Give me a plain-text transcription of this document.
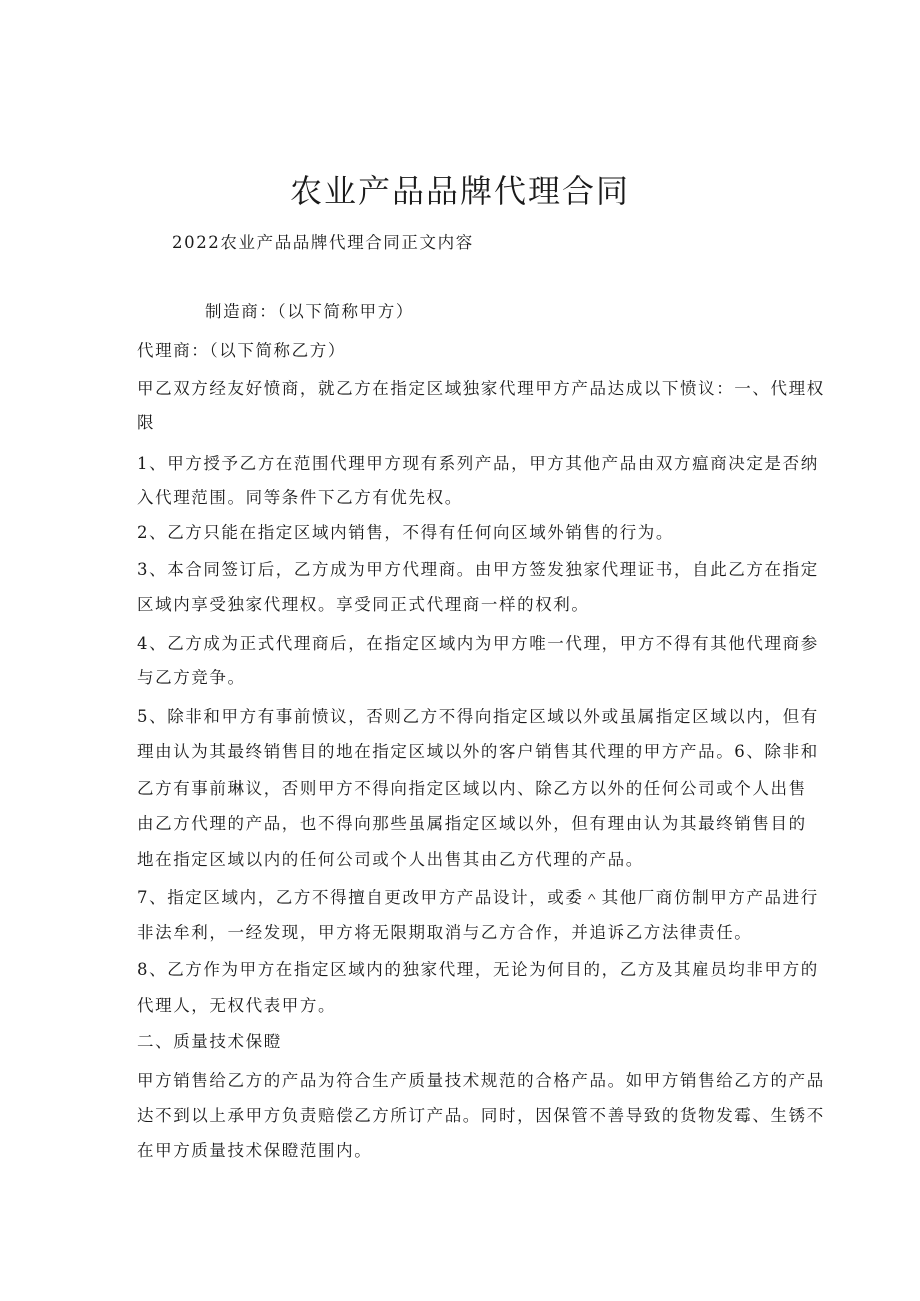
农业产品品牌代理合同
2022农业产品品牌代理合同正文内容
制造商：（以下简称甲方）
代理商：（以下简称乙方）
甲乙双方经友好愤商，就乙方在指定区域独家代理甲方产品达成以下愤议：一、代理权
限
1、甲方授予乙方在范围代理甲方现有系列产品，甲方其他产品由双方瘟商决定是否纳
入代理范围。同等条件下乙方有优先权。
2、乙方只能在指定区域内销售，不得有任何向区域外销售的行为。
3、本合同签订后，乙方成为甲方代理商。由甲方签发独家代理证书，自此乙方在指定
区域内享受独家代理权。享受同正式代理商一样的权利。
4、乙方成为正式代理商后，在指定区域内为甲方唯一代理，甲方不得有其他代理商参
与乙方竞争。
5、除非和甲方有事前愤议，否则乙方不得向指定区域以外或虽属指定区域以内，但有
理由认为其最终销售目的地在指定区域以外的客户销售其代理的甲方产品。6、除非和
乙方有事前琳议，否则甲方不得向指定区域以内、除乙方以外的任何公司或个人出售
由乙方代理的产品，也不得向那些虽属指定区域以外，但有理由认为其最终销售目的
地在指定区域以内的任何公司或个人出售其由乙方代理的产品。
7、指定区域内，乙方不得擅自更改甲方产品设计，或委＾其他厂商仿制甲方产品进行
非法牟利，一经发现，甲方将无限期取消与乙方合作，并追诉乙方法律责任。
8、乙方作为甲方在指定区域内的独家代理，无论为何目的，乙方及其雇员均非甲方的
代理人，无权代表甲方。
二、质量技术保瞪
甲方销售给乙方的产品为符合生产质量技术规范的合格产品。如甲方销售给乙方的产品
达不到以上承甲方负责赔偿乙方所订产品。同时，因保管不善导致的货物发霉、生锈不
在甲方质量技术保瞪范围内。
